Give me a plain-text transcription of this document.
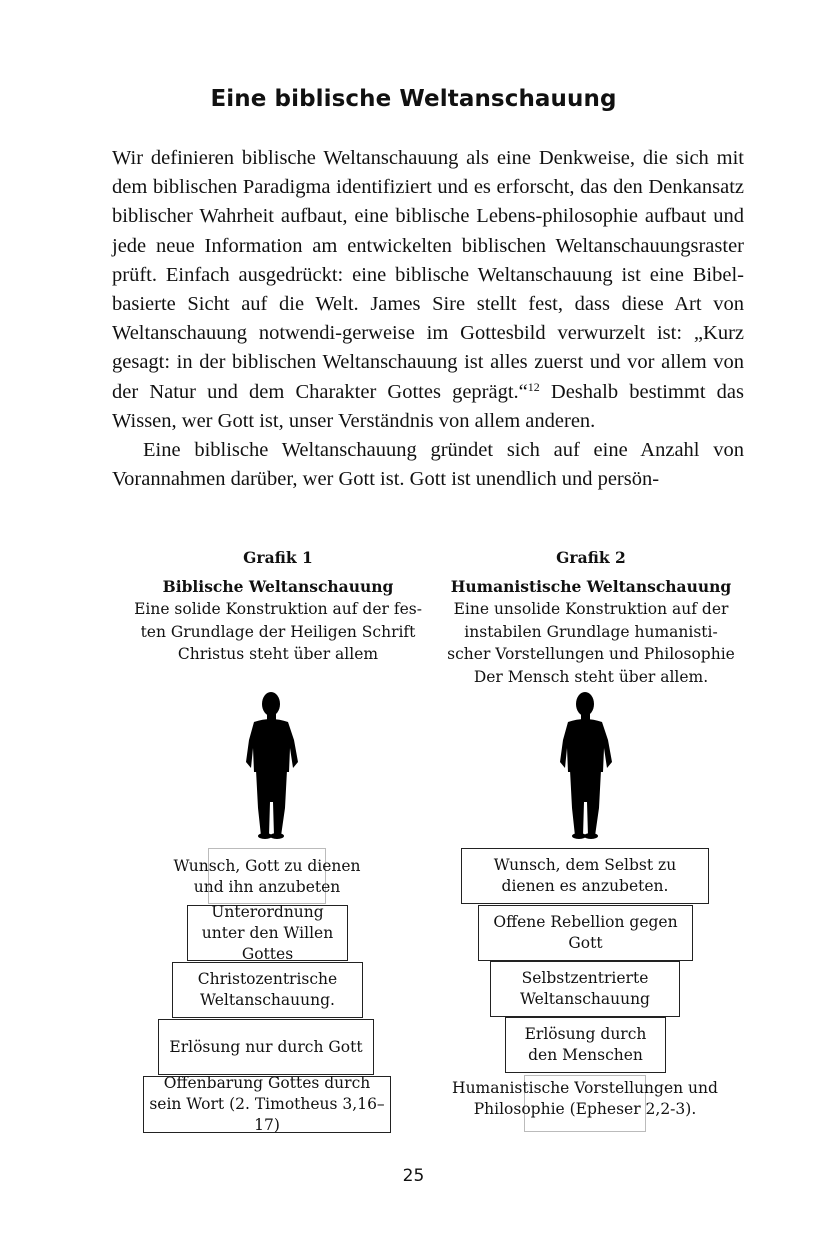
Eine biblische Weltanschauung

Wir definieren biblische Weltanschauung als eine Denkweise, die sich mit dem biblischen Paradigma identifiziert und es erforscht, das den Denkansatz biblischer Wahrheit aufbaut, eine biblische Lebens-philosophie aufbaut und jede neue Information am entwickelten biblischen Weltanschauungsraster prüft. Einfach ausgedrückt: eine biblische Weltanschauung ist eine Bibel-basierte Sicht auf die Welt. James Sire stellt fest, dass diese Art von Weltanschauung notwendi-gerweise im Gottesbild verwurzelt ist: „Kurz gesagt: in der biblischen Weltanschauung ist alles zuerst und vor allem von der Natur und dem Charakter Gottes geprägt.“$^{12}$ Deshalb bestimmt das Wissen, wer Gott ist, unser Verständnis von allem anderen.

Eine biblische Weltanschauung gründet sich auf eine Anzahl von Vorannahmen darüber, wer Gott ist. Gott ist unendlich und persön-

Grafik 1
Biblische Weltanschauung
Eine solide Konstruktion auf der fes-
ten Grundlage der Heiligen Schrift
Christus steht über allem
Grafik 2
Humanistische Weltanschauung
Eine unsolide Konstruktion auf der
instabilen Grundlage humanisti-
scher Vorstellungen und Philosophie
Der Mensch steht über allem.
Wunsch, Gott zu dienen und ihn anzubeten
Unterordnung unter den Willen Gottes
Christozentrische Weltanschauung.
Erlösung nur durch Gott
Offenbarung Gottes durch sein Wort (2. Timotheus 3,16–17)
Wunsch, dem Selbst zu dienen es anzubeten.
Offene Rebellion gegen Gott
Selbstzentrierte Weltanschauung
Erlösung durch den Menschen
Humanistische Vorstellungen und Philosophie (Epheser 2,2-3).
25
